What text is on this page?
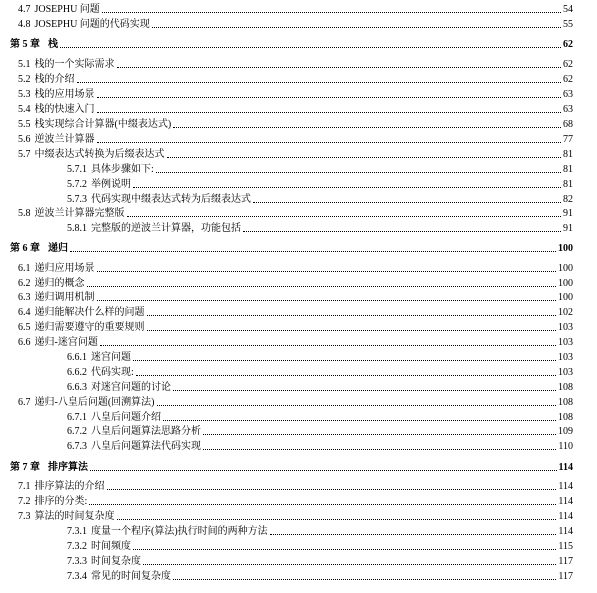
4.7 JOSEPHU 问题	54
4.8 JOSEPHU 问题的代码实现	55
第 5 章 栈	62
5.1 栈的一个实际需求	62
5.2 栈的介绍	62
5.3 栈的应用场景	63
5.4 栈的快速入门	63
5.5 栈实现综合计算器(中缀表达式)	68
5.6 逆波兰计算器	77
5.7 中缀表达式转换为后缀表达式	81
5.7.1 具体步骤如下:	81
5.7.2 举例说明	81
5.7.3 代码实现中缀表达式转为后缀表达式	82
5.8 逆波兰计算器完整版	91
5.8.1 完整版的逆波兰计算器，功能包括	91
第 6 章 递归	100
6.1 递归应用场景	100
6.2 递归的概念	100
6.3 递归调用机制	100
6.4 递归能解决什么样的问题	102
6.5 递归需要遵守的重要规则	103
6.6 递归-迷宫问题	103
6.6.1 迷宫问题	103
6.6.2 代码实现:	103
6.6.3 对迷宫问题的讨论	108
6.7 递归-八皇后问题(回溯算法)	108
6.7.1 八皇后问题介绍	108
6.7.2 八皇后问题算法思路分析	109
6.7.3 八皇后问题算法代码实现	110
第 7 章 排序算法	114
7.1 排序算法的介绍	114
7.2 排序的分类:	114
7.3 算法的时间复杂度	114
7.3.1 度量一个程序(算法)执行时间的两种方法	114
7.3.2 时间频度	115
7.3.3 时间复杂度	117
7.3.4 常见的时间复杂度	117
